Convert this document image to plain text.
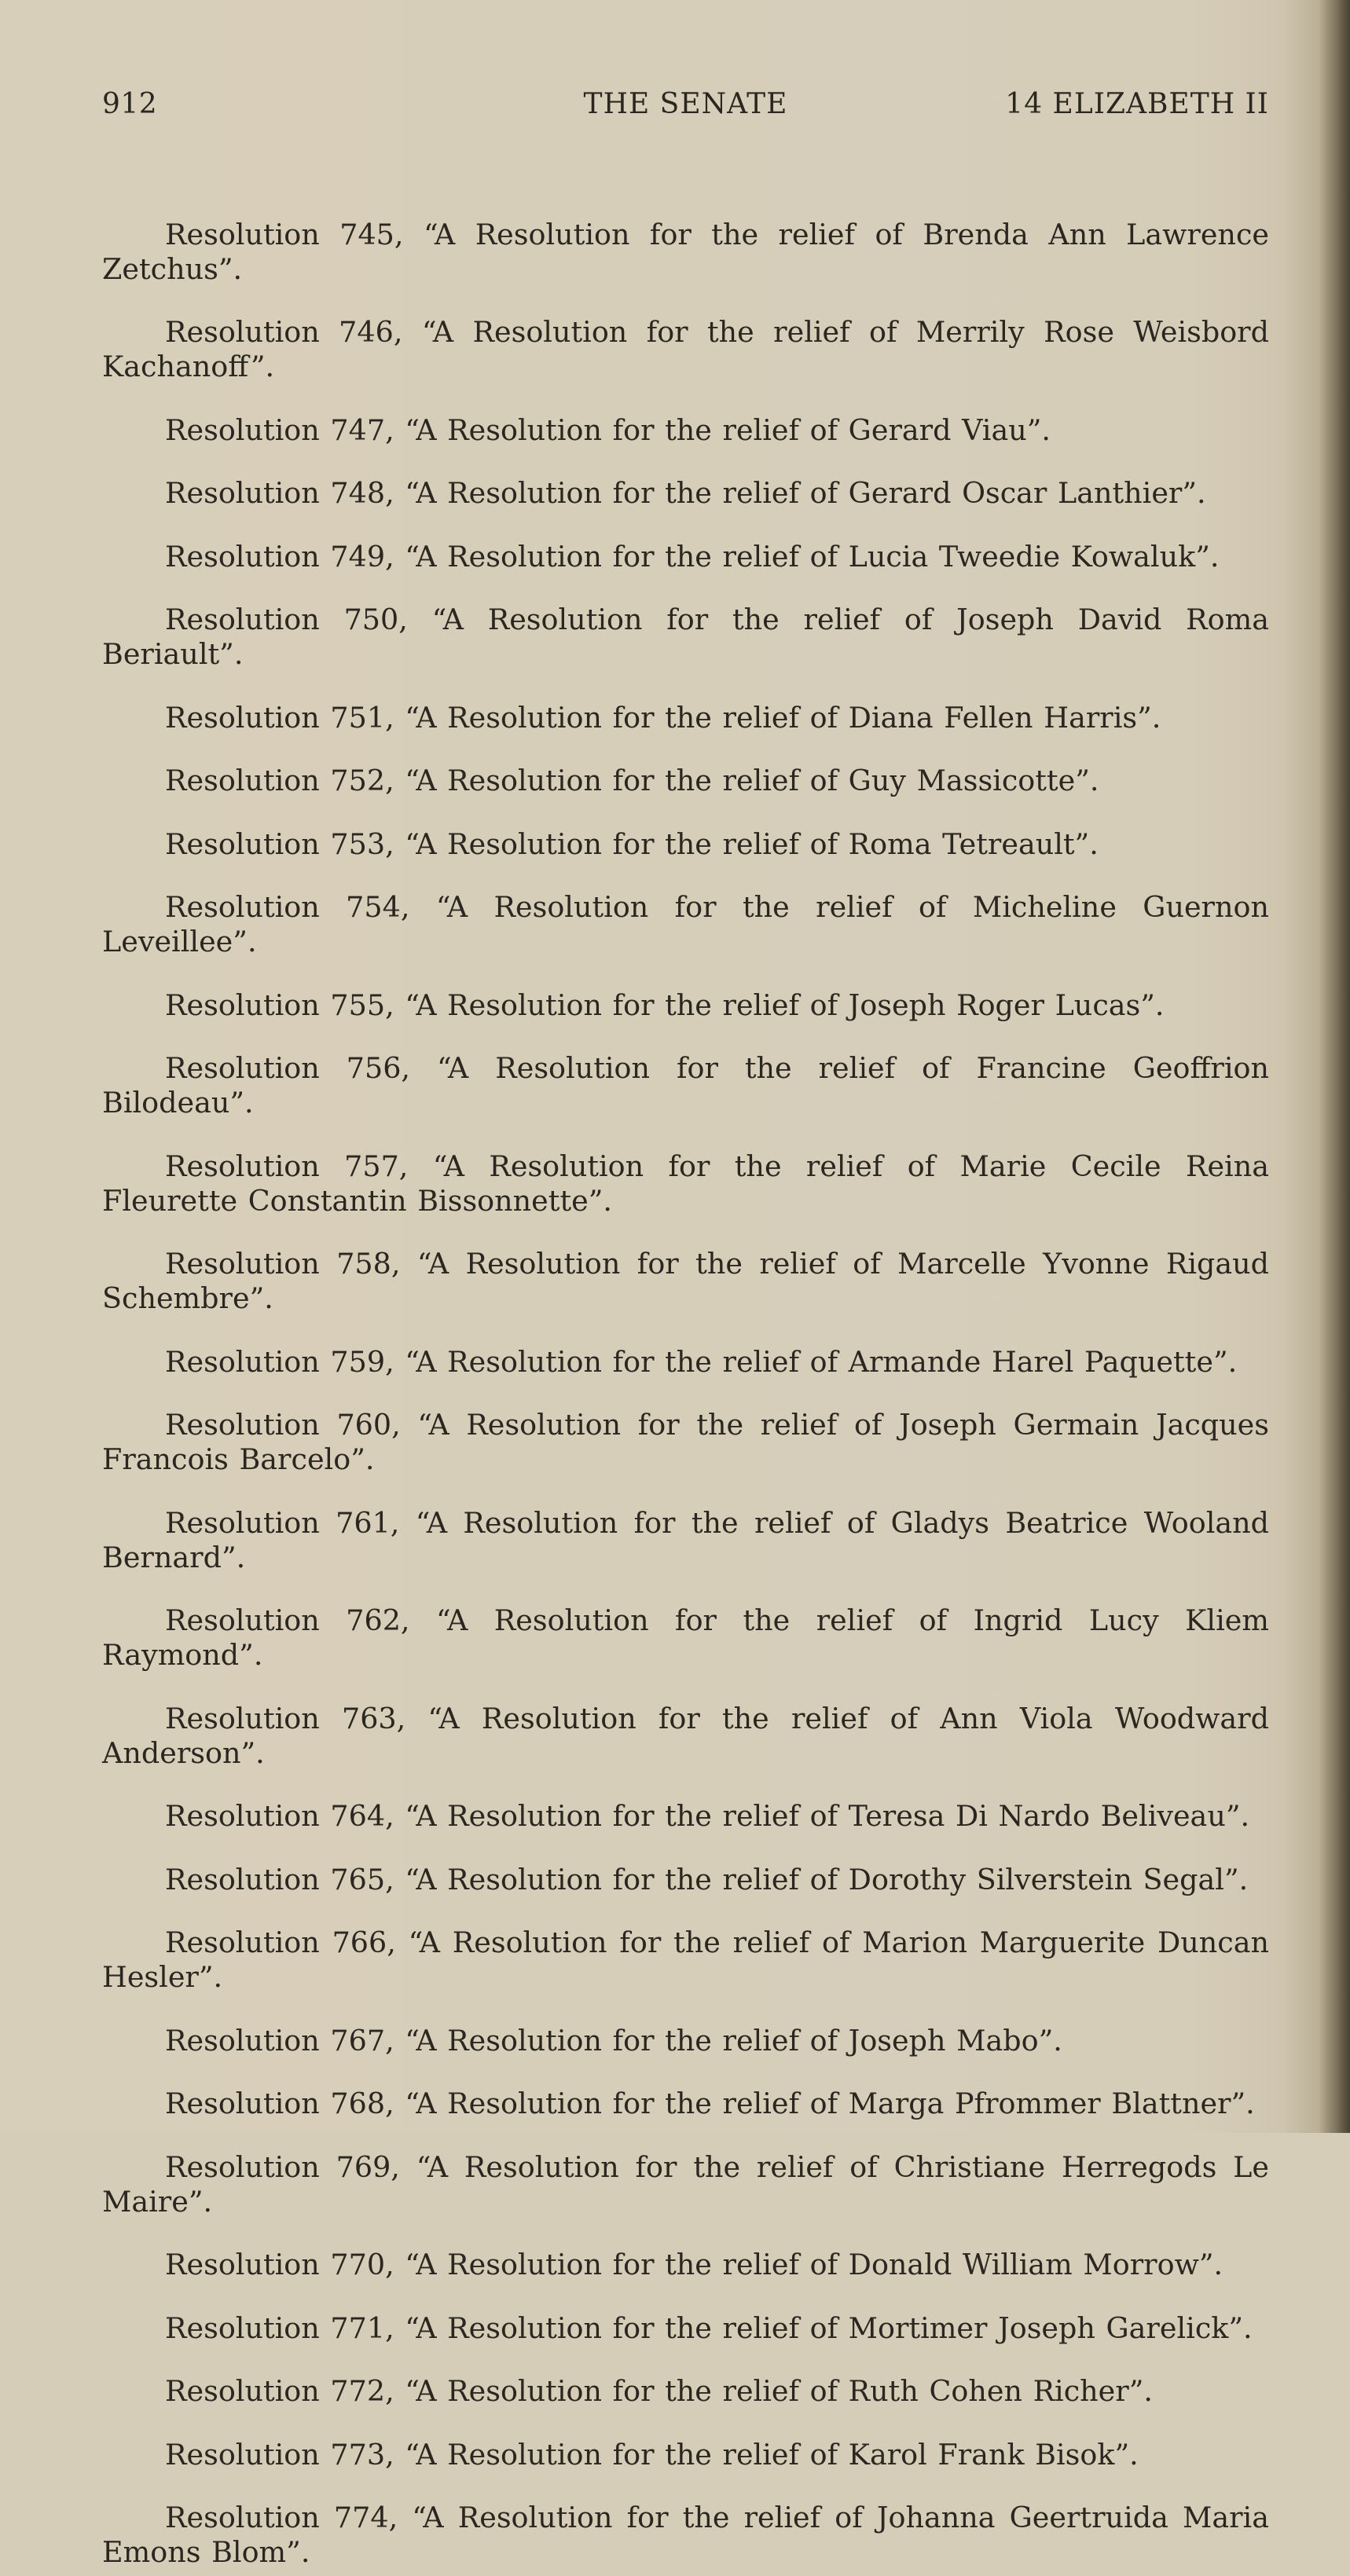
912	THE SENATE	14 ELIZABETH II

Resolution 745, “A Resolution for the relief of Brenda Ann Lawrence Zetchus”.

Resolution 746, “A Resolution for the relief of Merrily Rose Weisbord Kachanoff”.

Resolution 747, “A Resolution for the relief of Gerard Viau”.

Resolution 748, “A Resolution for the relief of Gerard Oscar Lanthier”.

Resolution 749, “A Resolution for the relief of Lucia Tweedie Kowaluk”.

Resolution 750, “A Resolution for the relief of Joseph David Roma Beriault”.

Resolution 751, “A Resolution for the relief of Diana Fellen Harris”.

Resolution 752, “A Resolution for the relief of Guy Massicotte”.

Resolution 753, “A Resolution for the relief of Roma Tetreault”.

Resolution 754, “A Resolution for the relief of Micheline Guernon Leveillee”.

Resolution 755, “A Resolution for the relief of Joseph Roger Lucas”.

Resolution 756, “A Resolution for the relief of Francine Geoffrion Bilodeau”.

Resolution 757, “A Resolution for the relief of Marie Cecile Reina Fleurette Constantin Bissonnette”.

Resolution 758, “A Resolution for the relief of Marcelle Yvonne Rigaud Schembre”.

Resolution 759, “A Resolution for the relief of Armande Harel Paquette”.

Resolution 760, “A Resolution for the relief of Joseph Germain Jacques Francois Barcelo”.

Resolution 761, “A Resolution for the relief of Gladys Beatrice Wooland Bernard”.

Resolution 762, “A Resolution for the relief of Ingrid Lucy Kliem Raymond”.

Resolution 763, “A Resolution for the relief of Ann Viola Woodward Anderson”.

Resolution 764, “A Resolution for the relief of Teresa Di Nardo Beliveau”.

Resolution 765, “A Resolution for the relief of Dorothy Silverstein Segal”.

Resolution 766, “A Resolution for the relief of Marion Marguerite Duncan Hesler”.

Resolution 767, “A Resolution for the relief of Joseph Mabo”.

Resolution 768, “A Resolution for the relief of Marga Pfrommer Blattner”.

Resolution 769, “A Resolution for the relief of Christiane Herregods Le Maire”.

Resolution 770, “A Resolution for the relief of Donald William Morrow”.

Resolution 771, “A Resolution for the relief of Mortimer Joseph Garelick”.

Resolution 772, “A Resolution for the relief of Ruth Cohen Richer”.

Resolution 773, “A Resolution for the relief of Karol Frank Bisok”.

Resolution 774, “A Resolution for the relief of Johanna Geertruida Maria Emons Blom”.
